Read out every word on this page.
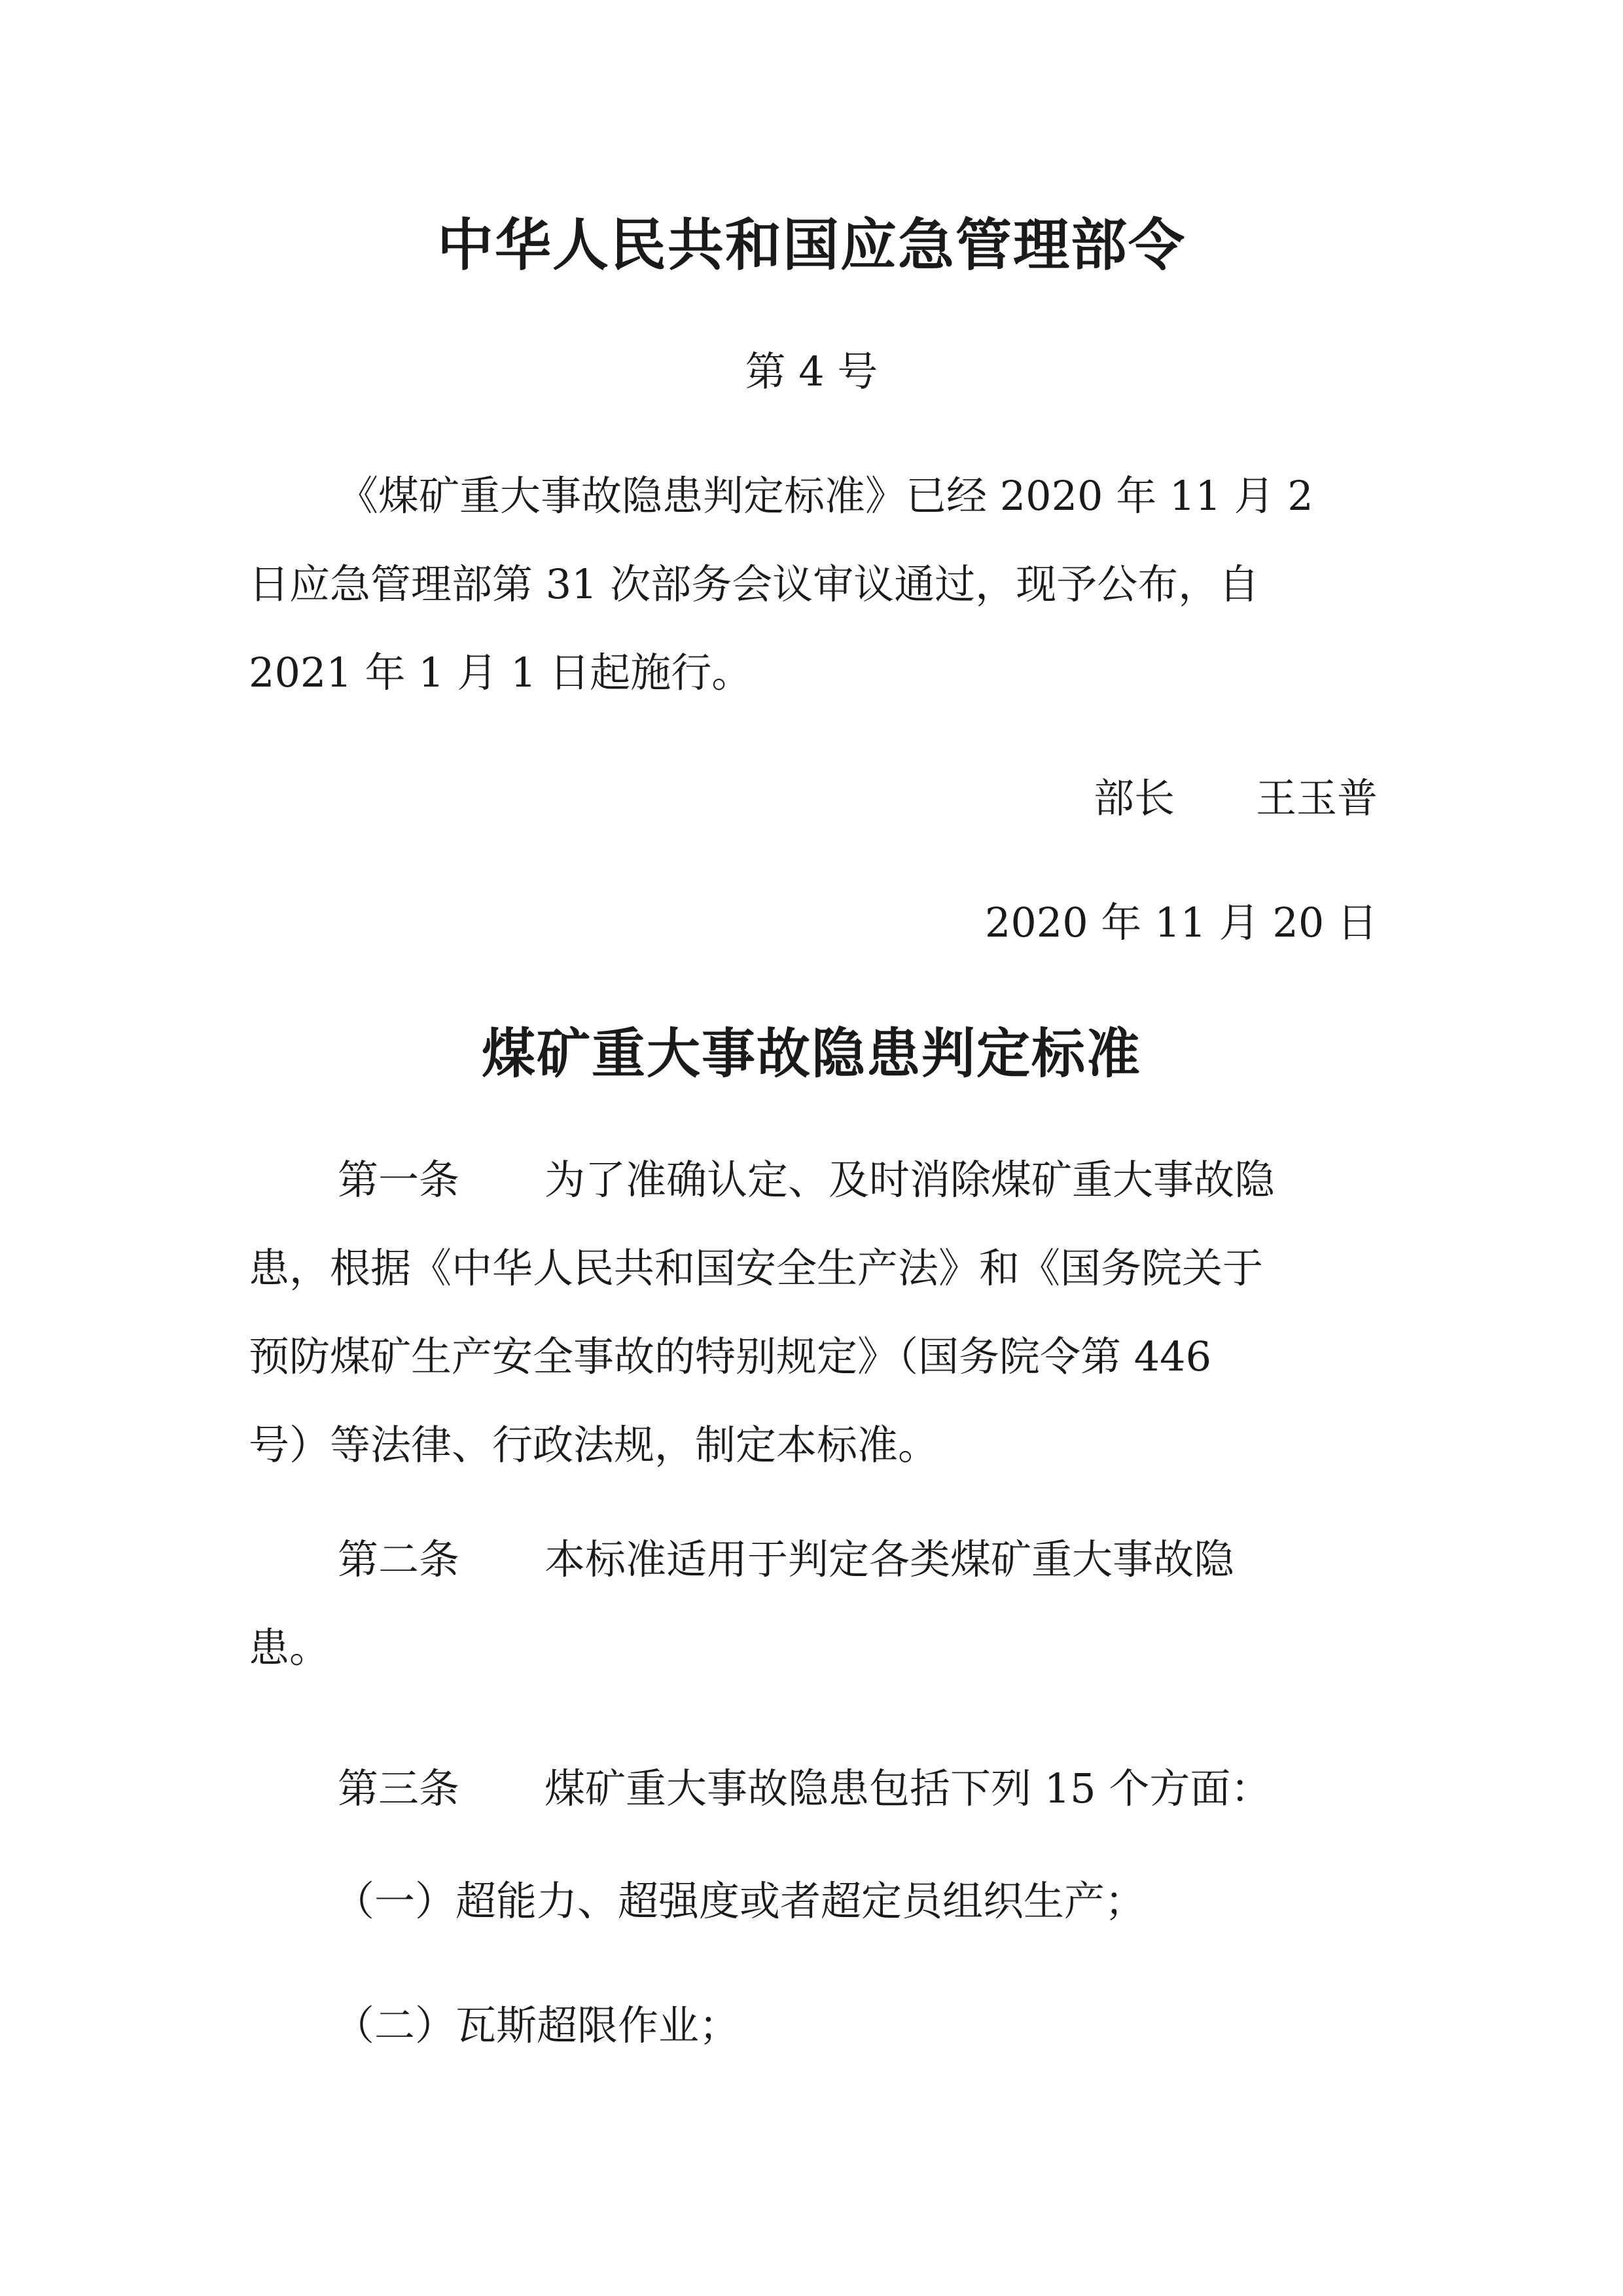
中华人民共和国应急管理部令
第 4 号
《煤矿重大事故隐患判定标准》已经 2020 年 11 月 2
日应急管理部第 31 次部务会议审议通过，现予公布，自
2021 年 1 月 1 日起施行。
部长　　王玉普
2020 年 11 月 20 日
煤矿重大事故隐患判定标准
第一条 为了准确认定、及时消除煤矿重大事故隐
患，根据《中华人民共和国安全生产法》和《国务院关于
预防煤矿生产安全事故的特别规定》（国务院令第 446
号）等法律、行政法规，制定本标准。
第二条 本标准适用于判定各类煤矿重大事故隐
患。
第三条 煤矿重大事故隐患包括下列 15 个方面：
（一）超能力、超强度或者超定员组织生产；
（二）瓦斯超限作业；
